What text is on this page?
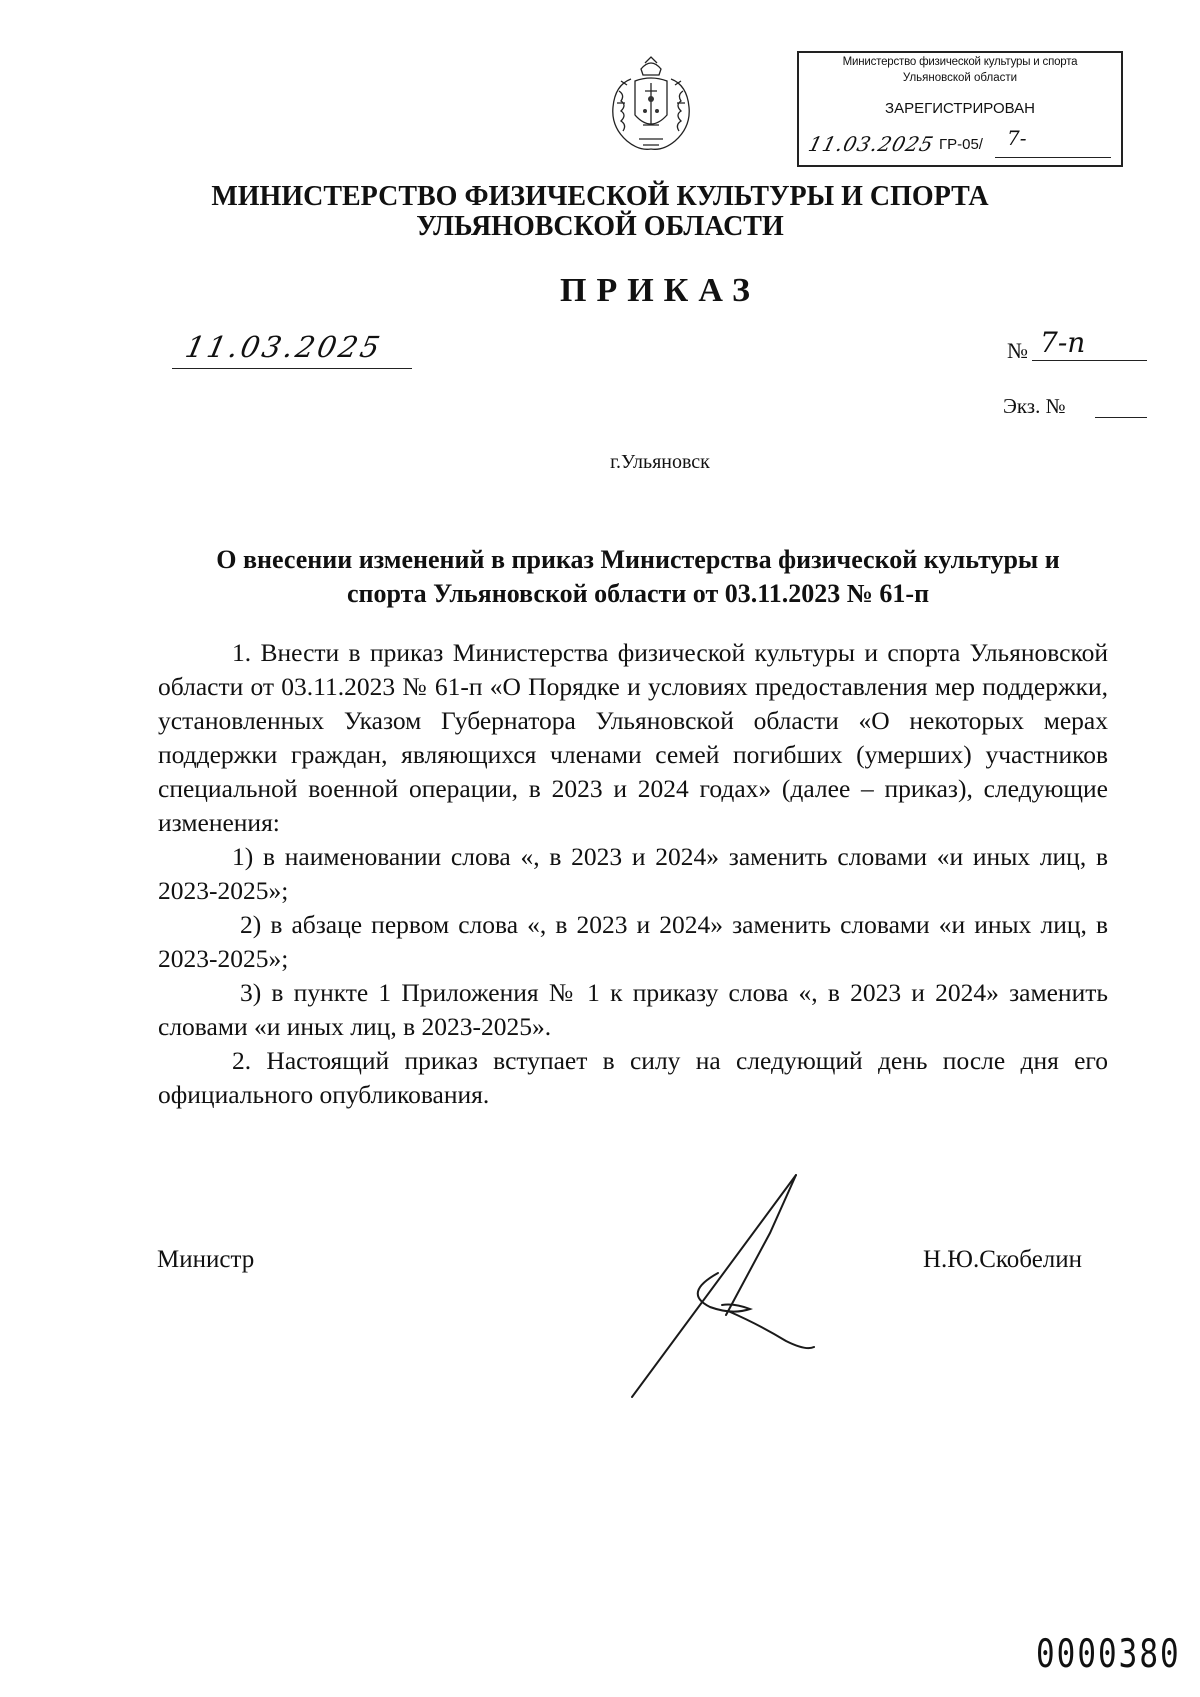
Министерство физической культуры и спорта
Ульяновской области
ЗАРЕГИСТРИРОВАН
11.03.2025 ГР-05/ 7-
МИНИСТЕРСТВО ФИЗИЧЕСКОЙ КУЛЬТУРЫ И СПОРТА
УЛЬЯНОВСКОЙ ОБЛАСТИ
ПРИКАЗ
11.03.2025	№ 7-п
Экз. №
г.Ульяновск
О внесении изменений в приказ Министерства физической культуры и
спорта Ульяновской области от 03.11.2023 № 61-п

1. Внести в приказ Министерства физической культуры и спорта Ульяновской области от 03.11.2023 № 61-п «О Порядке и условиях предоставления мер поддержки, установленных Указом Губернатора Ульяновской области «О некоторых мерах поддержки граждан, являющихся членами семей погибших (умерших) участников специальной военной операции, в 2023 и 2024 годах» (далее – приказ), следующие изменения:

1) в наименовании слова «, в 2023 и 2024» заменить словами «и иных лиц, в 2023-2025»;

2) в абзаце первом слова «, в 2023 и 2024» заменить словами «и иных лиц, в 2023-2025»;

3) в пункте 1 Приложения № 1 к приказу слова «, в 2023 и 2024» заменить словами «и иных лиц, в 2023-2025».

2. Настоящий приказ вступает в силу на следующий день после дня его официального опубликования.

Министр	Н.Ю.Скобелин
0000380
